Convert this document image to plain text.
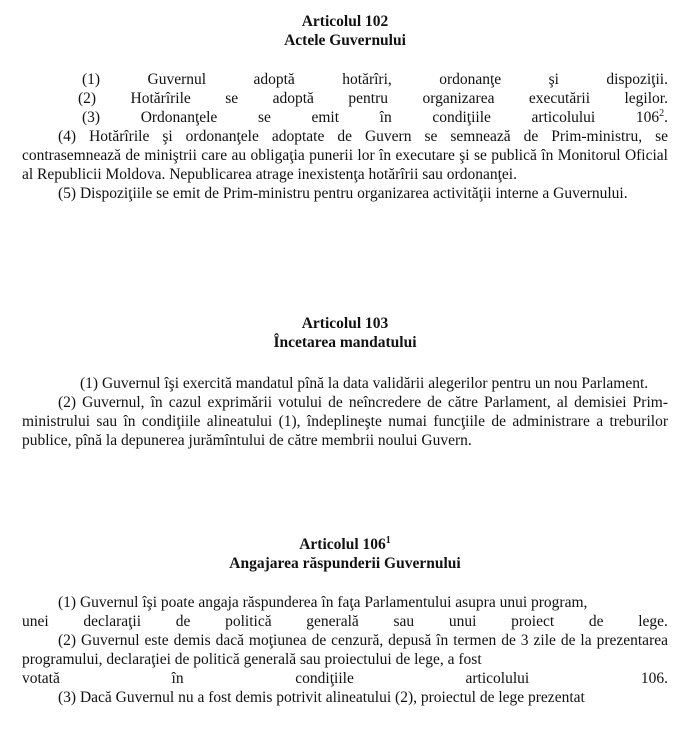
Articolul 102
Actele Guvernului
(1)	Guvernul	adoptă	hotărîri,	ordonanţe	şi	dispoziţii.
(2) Hotărîrile se adoptă pentru organizarea executării legilor.
(3)	Ordonanţele	se	emit	în	condiţiile	articolului	$106^2$.

(4) Hotărîrile şi ordonanţele adoptate de Guvern se semnează de Prim-ministru, se contrasemnează de miniştrii care au obligaţia punerii lor în executare şi se publică în Monitorul Oficial al Republicii Moldova. Nepublicarea atrage inexistenţa hotărîrii sau ordonanţei.

(5) Dispoziţiile se emit de Prim-ministru pentru organizarea activităţii interne a Guvernului.

Articolul 103
Încetarea mandatului

(1) Guvernul îşi exercită mandatul pînă la data validării alegerilor pentru un nou Parlament.

(2) Guvernul, în cazul exprimării votului de neîncredere de către Parlament, al demisiei Prim-ministrului sau în condiţiile alineatului (1), îndeplineşte numai funcţiile de administrare a treburilor publice, pînă la depunerea jurămîntului de către membrii noului Guvern.

Articolul $106^1$
Angajarea răspunderii Guvernului

(1) Guvernul îşi poate angaja răspunderea în faţa Parlamentului asupra unui program,

unei declaraţii de politică generală sau unui proiect de lege.

(2) Guvernul este demis dacă moţiunea de cenzură, depusă în termen de 3 zile de la prezentarea programului, declaraţiei de politică generală sau proiectului de lege, a fost

votată	în	condiţiile	articolului	106.

(3) Dacă Guvernul nu a fost demis potrivit alineatului (2), proiectul de lege prezentat
